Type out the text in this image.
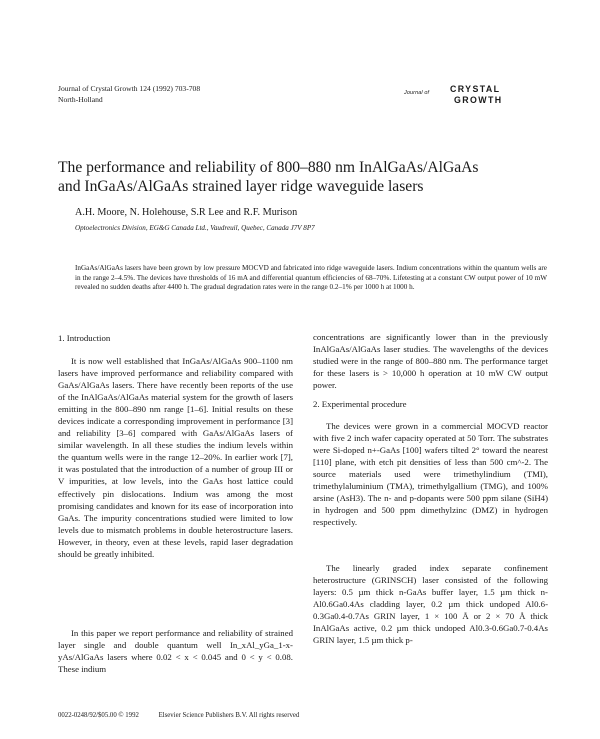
Journal of Crystal Growth 124 (1992) 703-708
North-Holland
Journal of CRYSTAL
GROWTH
The performance and reliability of 800–880 nm InAlGaAs/AlGaAs
and InGaAs/AlGaAs strained layer ridge waveguide lasers
A.H. Moore, N. Holehouse, S.R Lee and R.F. Murison
Optoelectronics Division, EG&G Canada Ltd., Vaudreuil, Quebec, Canada J7V 8P7
InGaAs/AlGaAs lasers have been grown by low pressure MOCVD and fabricated into ridge waveguide lasers. Indium concentrations within the quantum wells are in the range 2–4.5%. The devices have thresholds of 16 mA and differential quantum efficiencies of 68–70%. Lifetesting at a constant CW output power of 10 mW revealed no sudden deaths after 4400 h. The gradual degradation rates were in the range 0.2–1% per 1000 h at 1000 h.
1. Introduction

It is now well established that InGaAs/AlGaAs 900–1100 nm lasers have improved performance and reliability compared with GaAs/AlGaAs lasers. There have recently been reports of the use of the InAlGaAs/AlGaAs material system for the growth of lasers emitting in the 800–890 nm range [1–6]. Initial results on these devices indicate a corresponding improvement in performance [3] and reliability [3–6] compared with GaAs/AlGaAs lasers of similar wavelength. In all these studies the indium levels within the quantum wells were in the range 12–20%. In earlier work [7], it was postulated that the introduction of a number of group III or V impurities, at low levels, into the GaAs host lattice could effectively pin dislocations. Indium was among the most promising candidates and known for its ease of incorporation into GaAs. The impurity concentrations studied were limited to low levels due to mismatch problems in double heterostructure lasers. However, in theory, even at these levels, rapid laser degradation should be greatly inhibited.

In this paper we report performance and reliability of strained layer single and double quantum well In_xAl_yGa_1-x-yAs/AlGaAs lasers where 0.02 < x < 0.045 and 0 < y < 0.08. These indium

concentrations are significantly lower than in the previously InAlGaAs/AlGaAs laser studies. The wavelengths of the devices studied were in the range of 800–880 nm. The performance target for these lasers is > 10,000 h operation at 10 mW CW output power.

2. Experimental procedure

The devices were grown in a commercial MOCVD reactor with five 2 inch wafer capacity operated at 50 Torr. The substrates were Si-doped n+-GaAs [100] wafers tilted 2° toward the nearest [110] plane, with etch pit densities of less than 500 cm^-2. The source materials used were trimethylindium (TMI), trimethylaluminium (TMA), trimethylgallium (TMG), and 100% arsine (AsH3). The n- and p-dopants were 500 ppm silane (SiH4) in hydrogen and 500 ppm dimethylzinc (DMZ) in hydrogen respectively.

The linearly graded index separate confinement heterostructure (GRINSCH) laser consisted of the following layers: 0.5 µm thick n-GaAs buffer layer, 1.5 µm thick n-Al0.6Ga0.4As cladding layer, 0.2 µm thick undoped Al0.6-0.3Ga0.4-0.7As GRIN layer, 1 × 100 Å or 2 × 70 Å thick InAlGaAs active, 0.2 µm thick undoped Al0.3-0.6Ga0.7-0.4As GRIN layer, 1.5 µm thick p-

0022-0248/92/$05.00 © 1992	Elsevier Science Publishers B.V. All rights reserved
